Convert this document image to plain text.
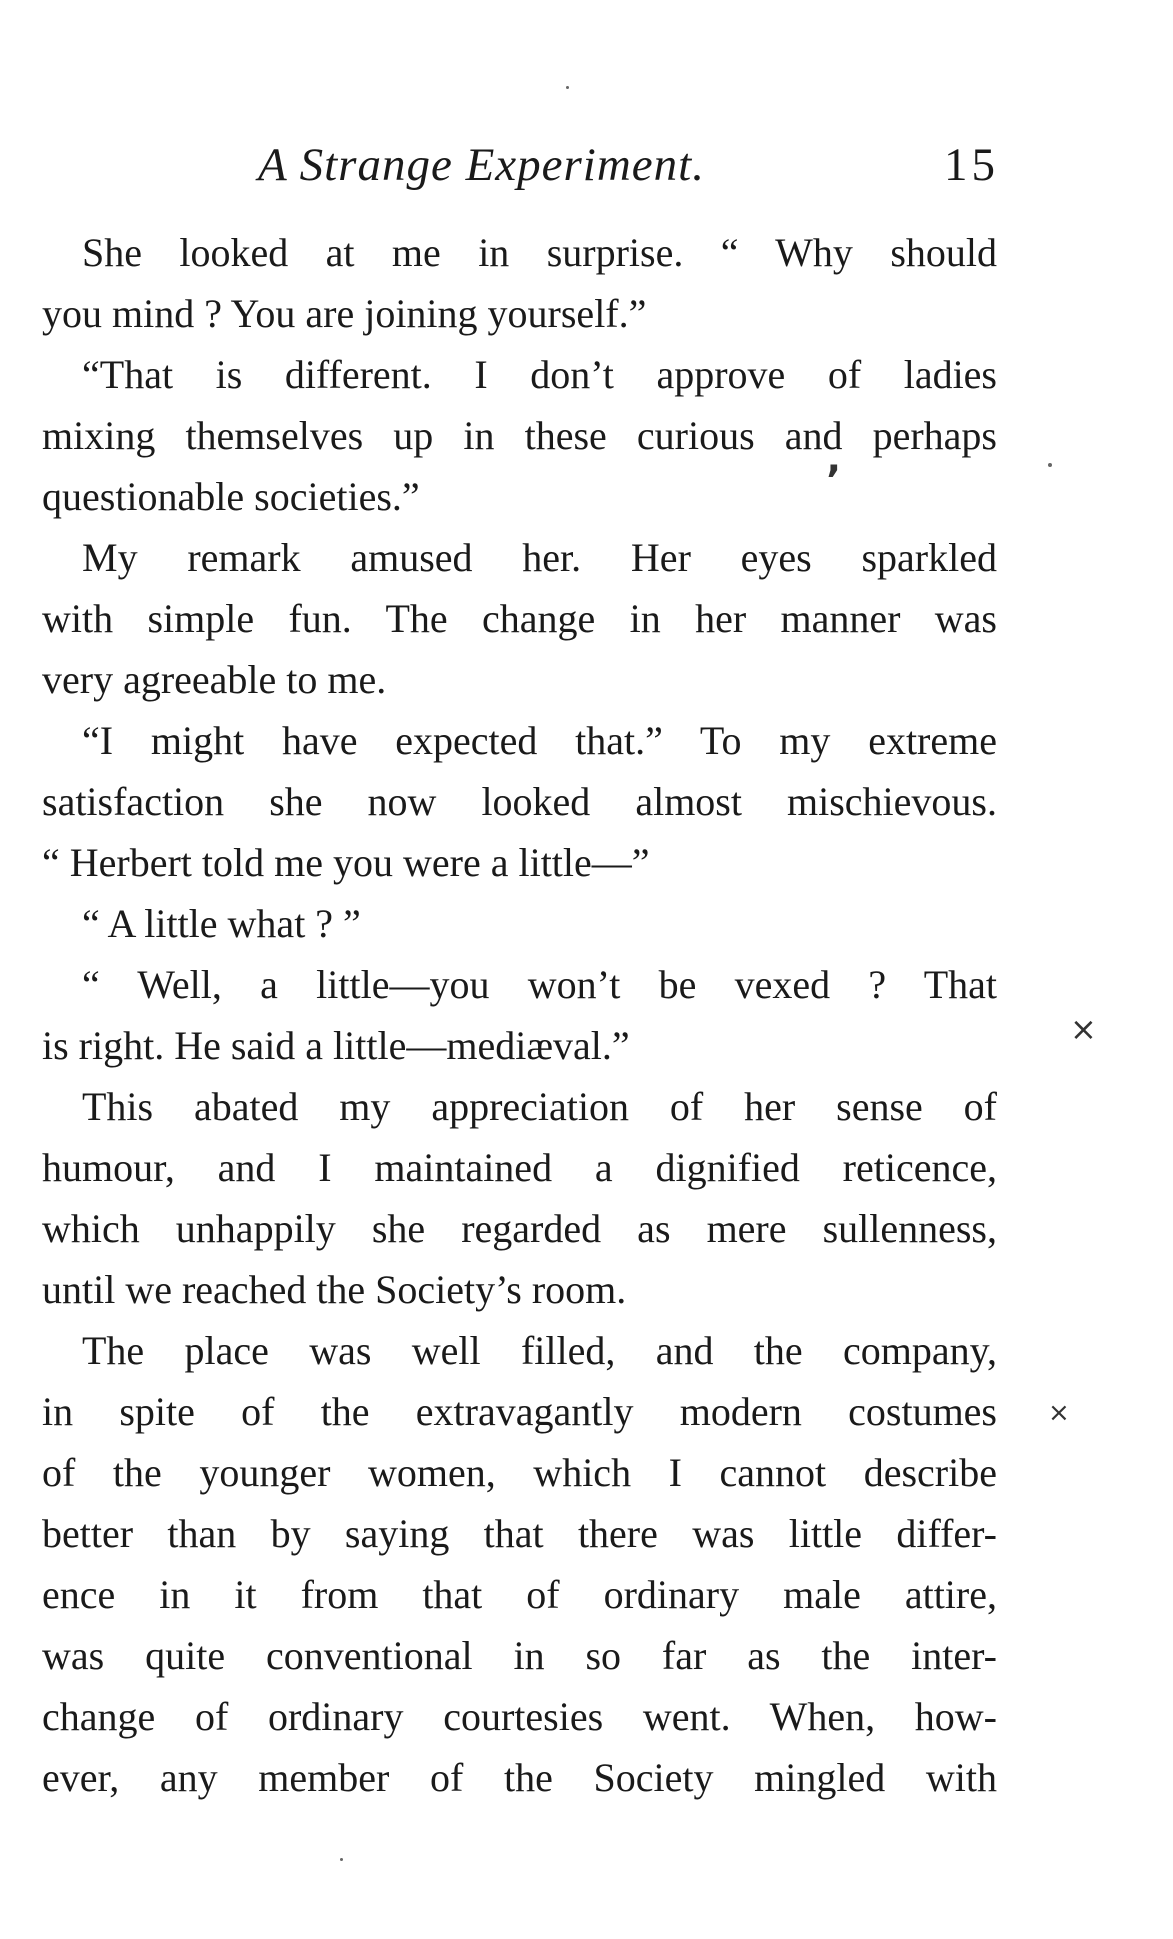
A Strange Experiment.	15
She looked at me in surprise. “ Why should
you mind ? You are joining yourself.”
“That is different. I don’t approve of ladies
mixing themselves up in these curious and perhaps
questionable societies.”
My remark amused her. Her eyes sparkled
with simple fun. The change in her manner was
very agreeable to me.
“I might have expected that.” To my extreme
satisfaction she now looked almost mischievous.
“ Herbert told me you were a little—”
“ A little what ? ”
“ Well, a little—you won’t be vexed ? That
is right. He said a little—mediæval.”
This abated my appreciation of her sense of
humour, and I maintained a dignified reticence,
which unhappily she regarded as mere sullenness,
until we reached the Society’s room.
The place was well filled, and the company,
in spite of the extravagantly modern costumes
of the younger women, which I cannot describe
better than by saying that there was little differ-
ence in it from that of ordinary male attire,
was quite conventional in so far as the inter-
change of ordinary courtesies went. When, how-
ever, any member of the Society mingled with
’
×
×
